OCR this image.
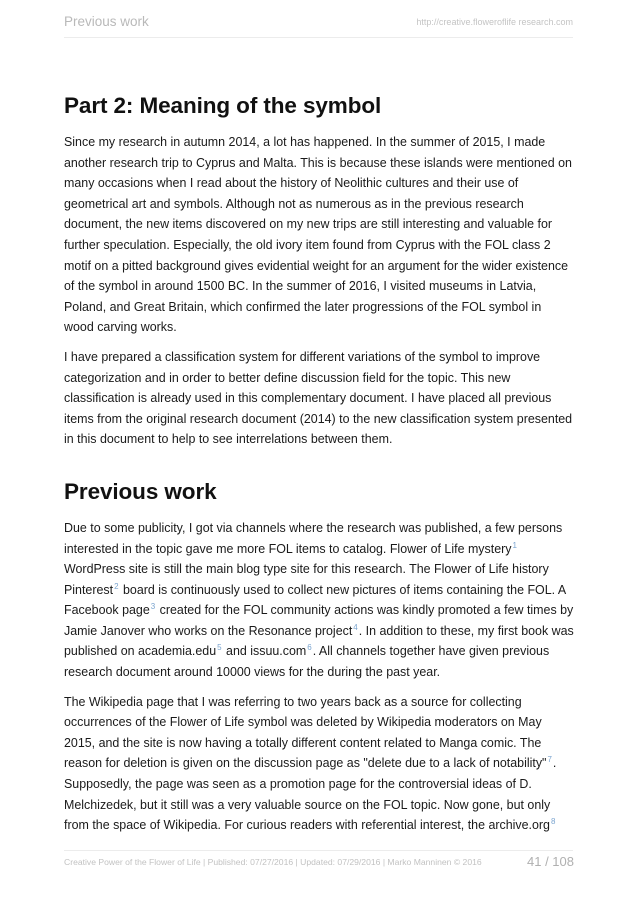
Previous work	http://creative.floweroflife research.com
Part 2: Meaning of the symbol

Since my research in autumn 2014, a lot has happened. In the summer of 2015, I made another research trip to Cyprus and Malta. This is because these islands were mentioned on many occasions when I read about the history of Neolithic cultures and their use of geometrical art and symbols. Although not as numerous as in the previous research document, the new items discovered on my new trips are still interesting and valuable for further speculation. Especially, the old ivory item found from Cyprus with the FOL class 2 motif on a pitted background gives evidential weight for an argument for the wider existence of the symbol in around 1500 BC. In the summer of 2016, I visited museums in Latvia, Poland, and Great Britain, which confirmed the later progressions of the FOL symbol in wood carving works.

I have prepared a classification system for different variations of the symbol to improve categorization and in order to better define discussion field for the topic. This new classification is already used in this complementary document. I have placed all previous items from the original research document (2014) to the new classification system presented in this document to help to see interrelations between them.

Previous work

Due to some publicity, I got via channels where the research was published, a few persons interested in the topic gave me more FOL items to catalog. Flower of Life mystery$^1$ WordPress site is still the main blog type site for this research. The Flower of Life history Pinterest$^2$ board is continuously used to collect new pictures of items containing the FOL. A Facebook page$^3$ created for the FOL community actions was kindly promoted a few times by Jamie Janover who works on the Resonance project$^4$. In addition to these, my first book was published on academia.edu$^5$ and issuu.com$^6$. All channels together have given previous research document around 10000 views for the during the past year.

The Wikipedia page that I was referring to two years back as a source for collecting occurrences of the Flower of Life symbol was deleted by Wikipedia moderators on May 2015, and the site is now having a totally different content related to Manga comic. The reason for deletion is given on the discussion page as "delete due to a lack of notability"$^7$. Supposedly, the page was seen as a promotion page for the controversial ideas of D. Melchizedek, but it still was a very valuable source on the FOL topic. Now gone, but only from the space of Wikipedia. For curious readers with referential interest, the archive.org$^8$

Creative Power of the Flower of Life | Published: 07/27/2016 | Updated: 07/29/2016 | Marko Manninen © 2016	41 / 108
